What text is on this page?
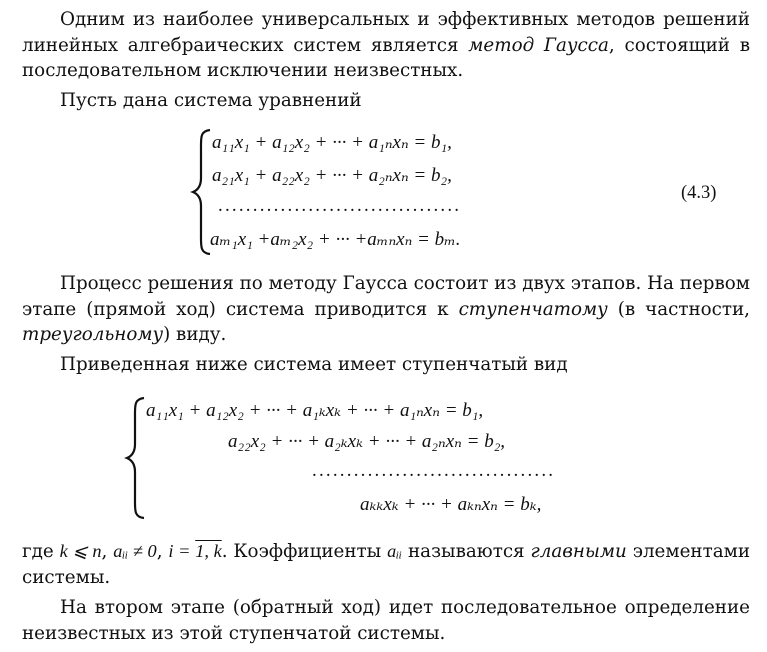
Одним из наиболее универсальных и эффективных методов решений линейных алгебраических систем является метод Гаусса, состоящий в последовательном исключении неизвестных.

Пусть дана система уравнений

a₁₁x₁ + a₁₂x₂ + ··· + a₁ₙxₙ = b₁,
a₂₁x₁ + a₂₂x₂ + ··· + a₂ₙxₙ = b₂,
...................................
aₘ₁x₁ +aₘ₂x₂ + ··· +aₘₙxₙ = bₘ.
(4.3)

Процесс решения по методу Гаусса состоит из двух этапов. На первом этапе (прямой ход) система приводится к ступенчатому (в частности, треугольному) виду.

Приведенная ниже система имеет ступенчатый вид

a₁₁x₁ + a₁₂x₂ + ··· + a₁ₖxₖ + ··· + a₁ₙxₙ = b₁,
a₂₂x₂ + ··· + a₂ₖxₖ + ··· + a₂ₙxₙ = b₂,
...................................
aₖₖxₖ + ··· + aₖₙxₙ = bₖ,

где k ⩽ n, aᵢᵢ ≠ 0, i = 1, k. Коэффициенты aᵢᵢ называются главными элементами системы.

На втором этапе (обратный ход) идет последовательное определение неизвестных из этой ступенчатой системы.
